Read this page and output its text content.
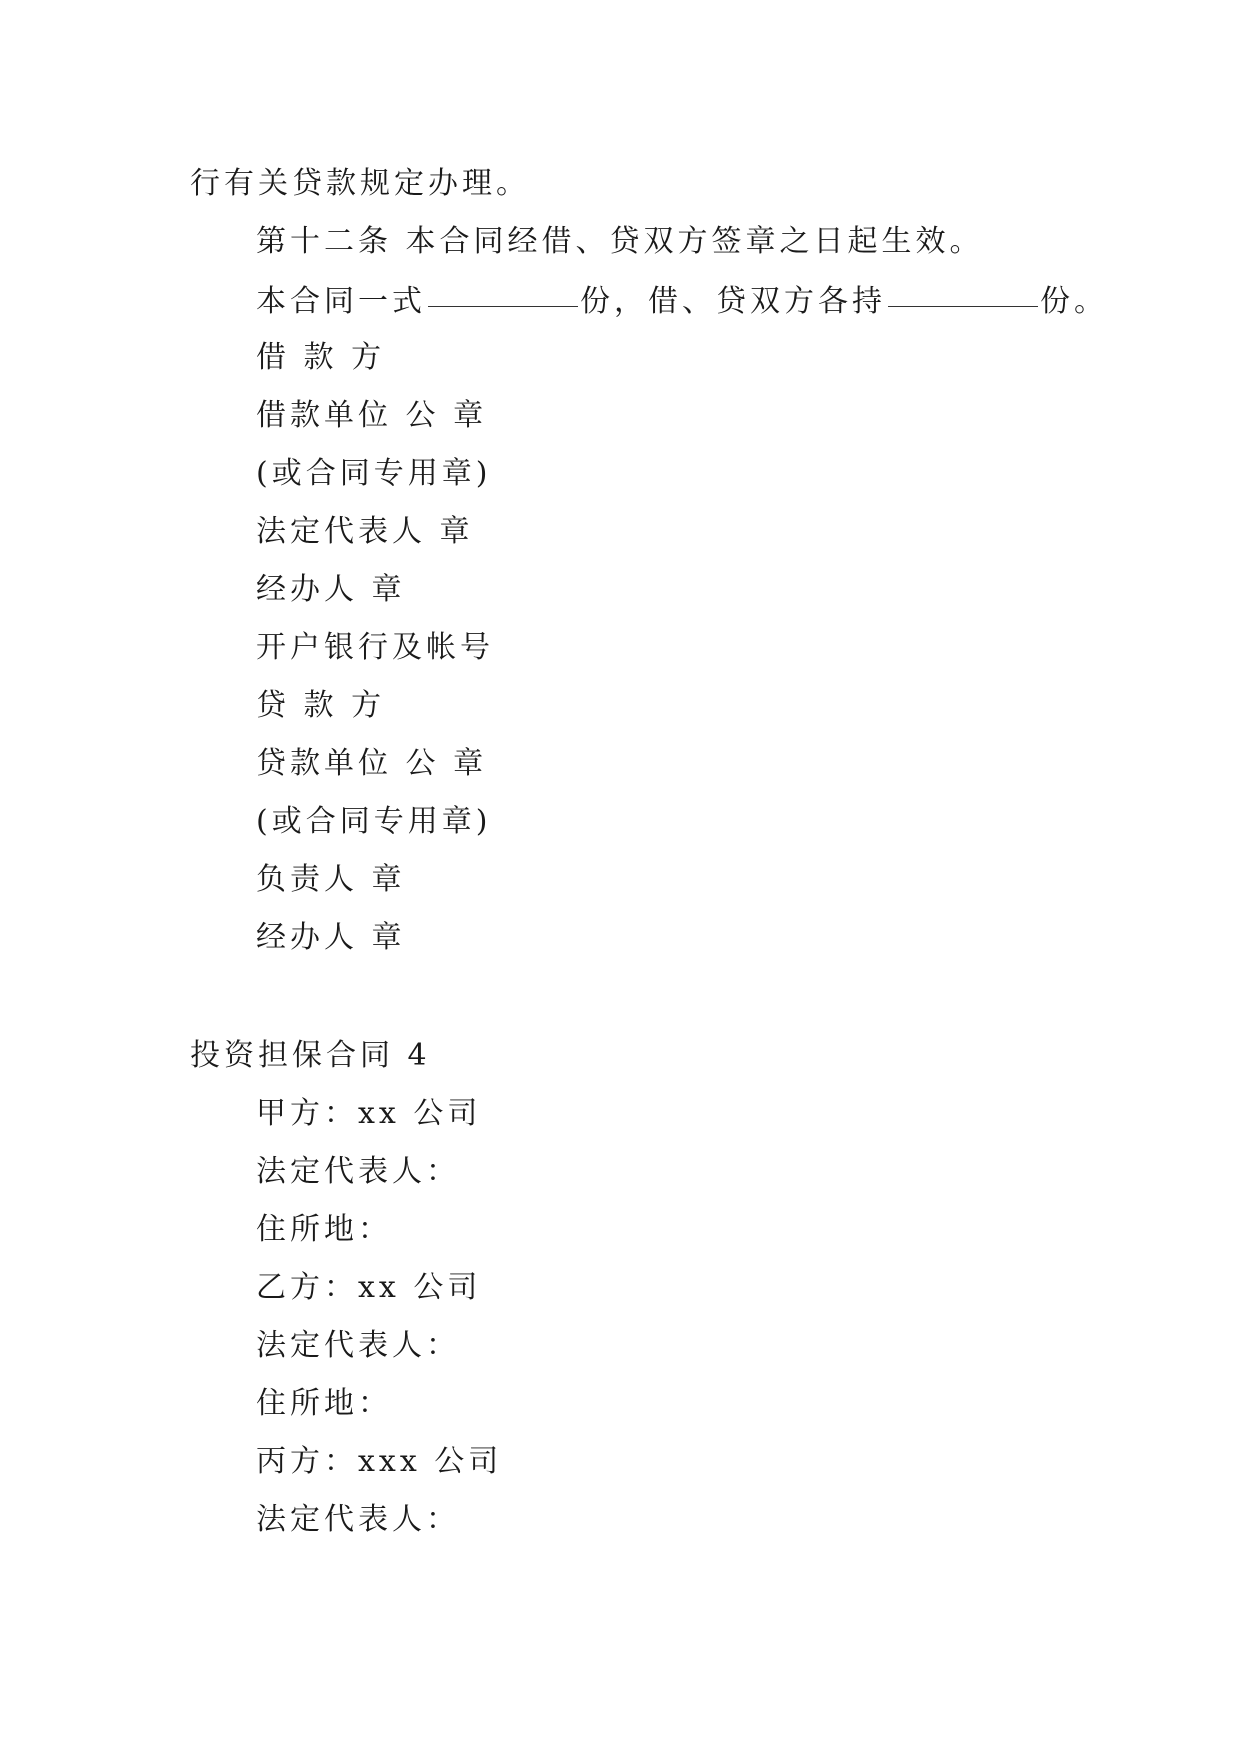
行有关贷款规定办理。
第十二条 本合同经借、贷双方签章之日起生效。
本合同一式	份，借、贷双方各持	份。
借 款 方
借款单位 公 章
(或合同专用章)
法定代表人 章
经办人 章
开户银行及帐号
贷 款 方
贷款单位 公 章
(或合同专用章)
负责人 章
经办人 章
投资担保合同 4
甲方：xx 公司
法定代表人：
住所地：
乙方：xx 公司
法定代表人：
住所地：
丙方：xxx 公司
法定代表人：
